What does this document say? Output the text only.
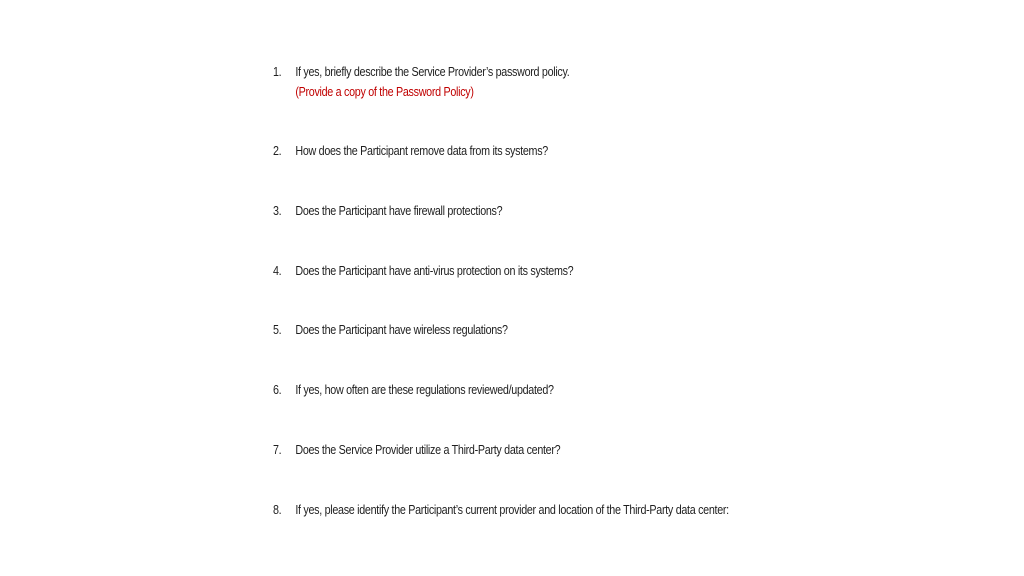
1. If yes, briefly describe the Service Provider’s password policy.
(Provide a copy of the Password Policy)
2. How does the Participant remove data from its systems?
3. Does the Participant have firewall protections?
4. Does the Participant have anti-virus protection on its systems?
5. Does the Participant have wireless regulations?
6. If yes, how often are these regulations reviewed/updated?
7. Does the Service Provider utilize a Third-Party data center?
8. If yes, please identify the Participant’s current provider and location of the Third-Party data center:
